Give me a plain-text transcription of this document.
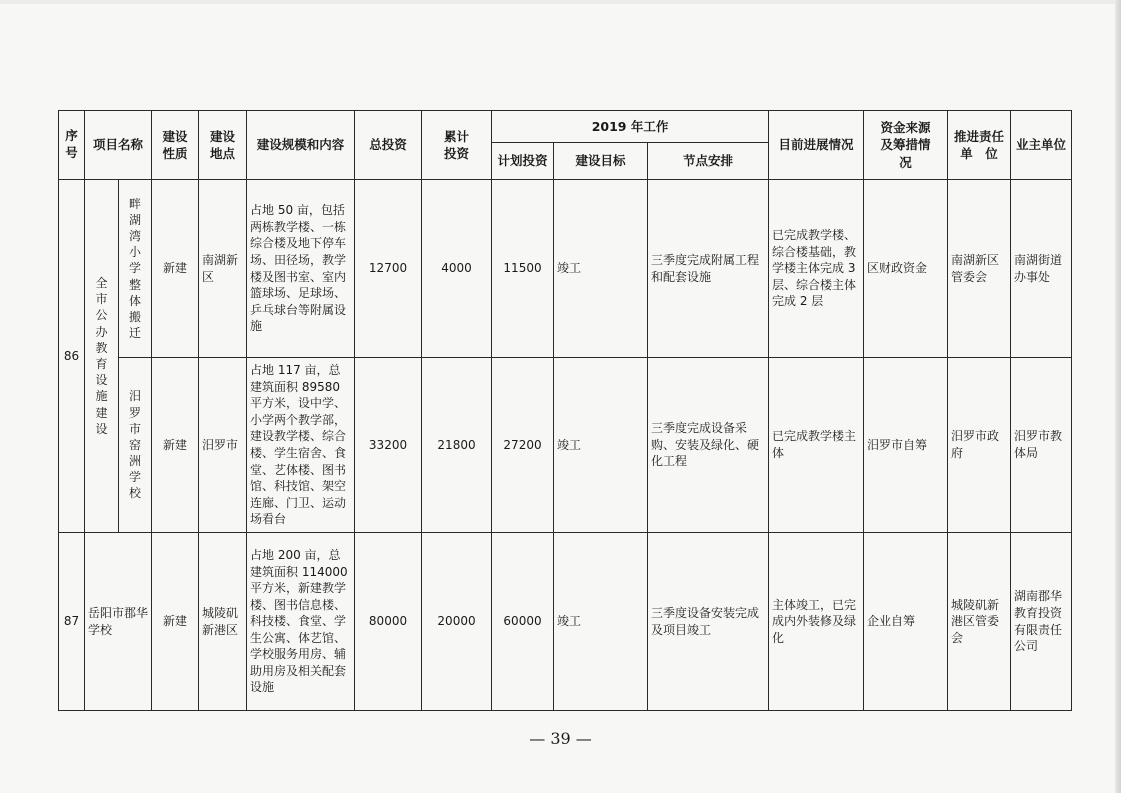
序号	项目名称		建设性质	建设地点	建设规模和内容	总投资	累计投资	2019 年工作			目前进展情况	资金来源及筹措情况	推进责任单　位	业主单位
								计划投资	建设目标	节点安排				
86	全市公办教育设施建设	畔湖湾小学整体搬迁	新建	南湖新区	占地 50 亩，包括两栋教学楼、一栋综合楼及地下停车场、田径场，教学楼及图书室、室内篮球场、足球场、乒乓球台等附属设施	12700	4000	11500	竣工	三季度完成附属工程和配套设施	已完成教学楼、综合楼基础，教学楼主体完成 3 层、综合楼主体完成 2 层	区财政资金	南湖新区管委会	南湖街道办事处

		汨罗市窑洲学校	新建	汨罗市	占地 117 亩，总建筑面积 89580 平方米，设中学、小学两个教学部，建设教学楼、综合楼、学生宿舍、食堂、艺体楼、图书馆、科技馆、架空连廊、门卫、运动场看台	33200	21800	27200	竣工	三季度完成设备采购、安装及绿化、硬化工程	已完成教学楼主体	汨罗市自筹	汨罗市政府	汨罗市教体局
87	岳阳市郡华学校		新建	城陵矶新港区	占地 200 亩，总建筑面积 114000 平方米，新建教学楼、图书信息楼、科技楼、食堂、学生公寓、体艺馆、学校服务用房、辅助用房及相关配套设施	80000	20000	60000	竣工	三季度设备安装完成及项目竣工	主体竣工，已完成内外装修及绿化	企业自筹	城陵矶新港区管委会	湖南郡华教育投资有限责任公司
— 39 —
